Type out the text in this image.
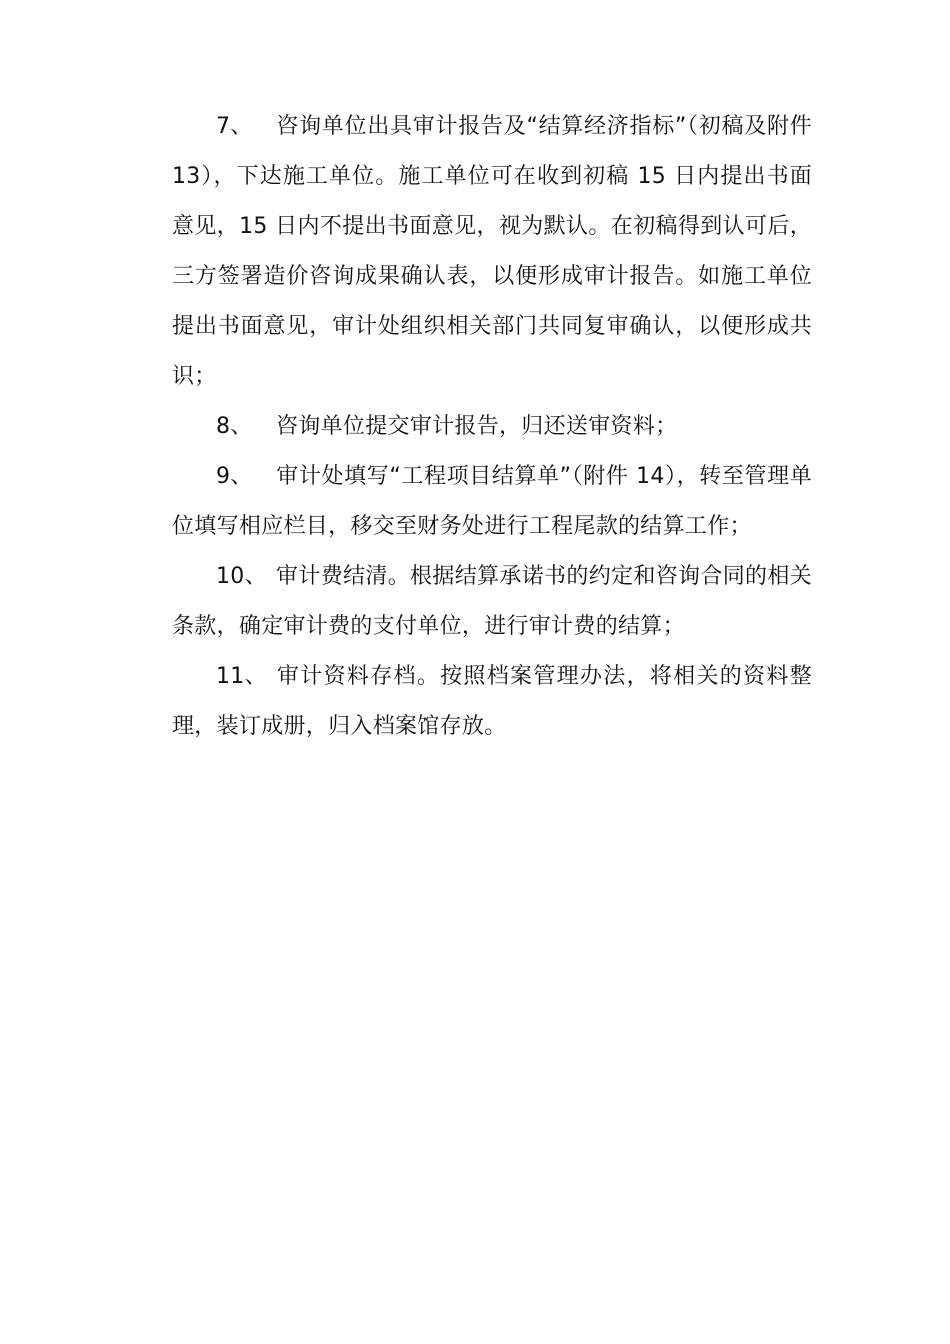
7、 咨询单位出具审计报告及“结算经济指标”（初稿及附件 13），下达施工单位。施工单位可在收到初稿 15 日内提出书面意见，15 日内不提出书面意见，视为默认。在初稿得到认可后，三方签署造价咨询成果确认表，以便形成审计报告。如施工单位提出书面意见，审计处组织相关部门共同复审确认，以便形成共识；

8、 咨询单位提交审计报告，归还送审资料；

9、 审计处填写“工程项目结算单”（附件 14），转至管理单位填写相应栏目，移交至财务处进行工程尾款的结算工作；

10、 审计费结清。根据结算承诺书的约定和咨询合同的相关条款，确定审计费的支付单位，进行审计费的结算；

11、 审计资料存档。按照档案管理办法，将相关的资料整理，装订成册，归入档案馆存放。
